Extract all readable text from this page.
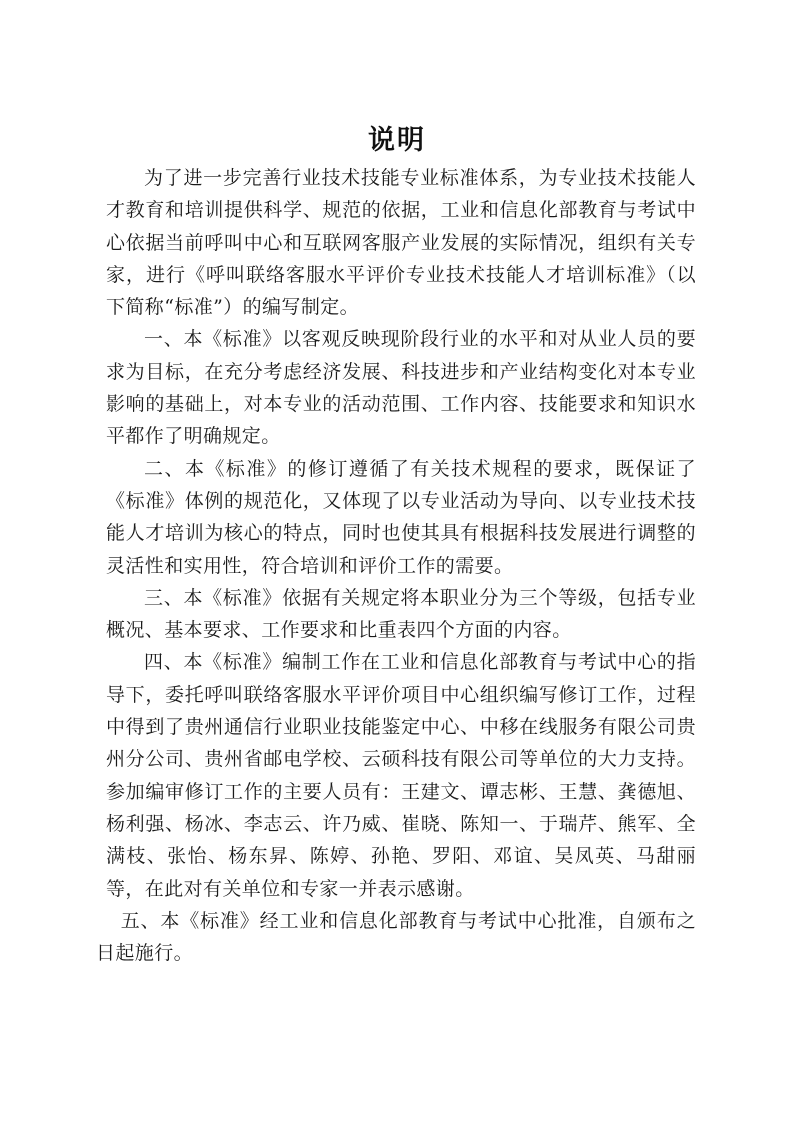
说明

为了进一步完善行业技术技能专业标准体系，为专业技术技能人才教育和培训提供科学、规范的依据，工业和信息化部教育与考试中心依据当前呼叫中心和互联网客服产业发展的实际情况，组织有关专家，进行《呼叫联络客服水平评价专业技术技能人才培训标准》（以下简称“标准”）的编写制定。

一、本《标准》以客观反映现阶段行业的水平和对从业人员的要求为目标，在充分考虑经济发展、科技进步和产业结构变化对本专业影响的基础上，对本专业的活动范围、工作内容、技能要求和知识水平都作了明确规定。

二、本《标准》的修订遵循了有关技术规程的要求，既保证了《标准》体例的规范化，又体现了以专业活动为导向、以专业技术技能人才培训为核心的特点，同时也使其具有根据科技发展进行调整的灵活性和实用性，符合培训和评价工作的需要。

三、本《标准》依据有关规定将本职业分为三个等级，包括专业概况、基本要求、工作要求和比重表四个方面的内容。

四、本《标准》编制工作在工业和信息化部教育与考试中心的指导下，委托呼叫联络客服水平评价项目中心组织编写修订工作，过程中得到了贵州通信行业职业技能鉴定中心、中移在线服务有限公司贵州分公司、贵州省邮电学校、云硕科技有限公司等单位的大力支持。参加编审修订工作的主要人员有：王建文、谭志彬、王慧、龚德旭、杨利强、杨冰、李志云、许乃威、崔晓、陈知一、于瑞芹、熊军、全满枝、张怡、杨东昇、陈婷、孙艳、罗阳、邓谊、吴凤英、马甜丽等，在此对有关单位和专家一并表示感谢。

五、本《标准》经工业和信息化部教育与考试中心批准，自颁布之日起施行。
